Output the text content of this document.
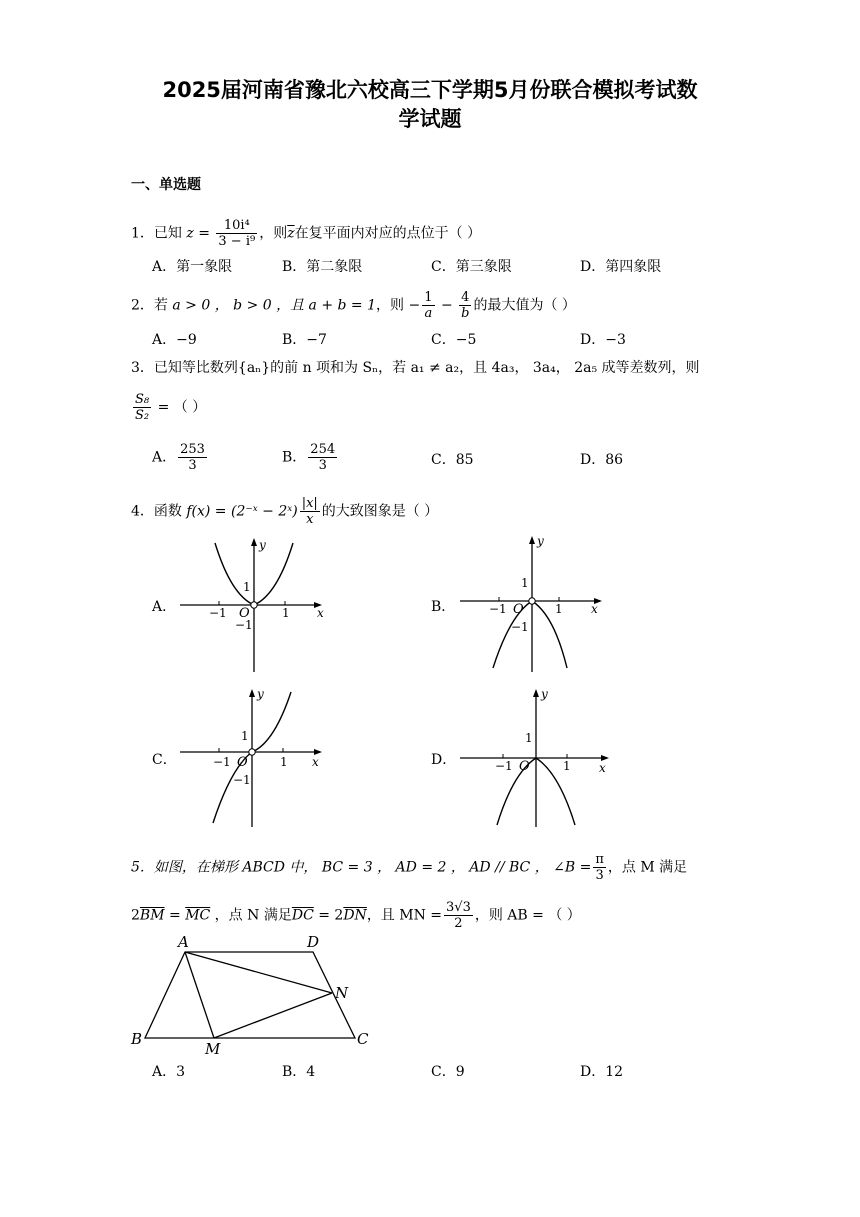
2025届河南省豫北六校高三下学期5月份联合模拟考试数
学试题
一、单选题
1．已知 $z = \frac{\text{10i⁴}}{\text{3 − i⁹}}$ ，则$\overline{z}$在复平面内对应的点位于（ ）
A．第一象限	B．第二象限	C．第三象限	D．第四象限
2．若 a > 0 ， b > 0 ，且 a + b = 1，则 − $\frac{1}{a} - \frac{4}{b}$ 的最大值为（ ）
A．−9	B．−7	C．−5	D．−3
3．已知等比数列{aₙ}的前 n 项和为 Sₙ，若 a₁ ≠ a₂，且 4a₃， 3a₄， 2a₅ 成等差数列，则
$\frac{\text{S₈}}{\text{S₂}}$ = （ ）
A． $\frac{253}{3}$	B． $\frac{254}{3}$	C．85	D．86
4．函数 f(x) = (2⁻ˣ − 2ˣ) $\frac{|x|}{x}$ 的大致图象是（ ）
A．	B．
C．	D．
x
y
O
−1	1
1
−1
x
y
O
−1	1
1
−1
x
y
O
−1	1
1
−1
x
y
O
−1	1
1
5．如图，在梯形 ABCD 中， BC = 3 ， AD = 2 ， AD // BC ， ∠B = $\frac{\pi}{3}$ ，点 M 满足
$2\overline{BM} = \overline{MC}$ ，点 N 满足$\overline{DC} = 2\overline{DN}$，且 MN = $\frac{3√3}{2}$ ，则 AB = （ ）
A	D
B	C
M
N
A．3	B．4	C．9	D．12
